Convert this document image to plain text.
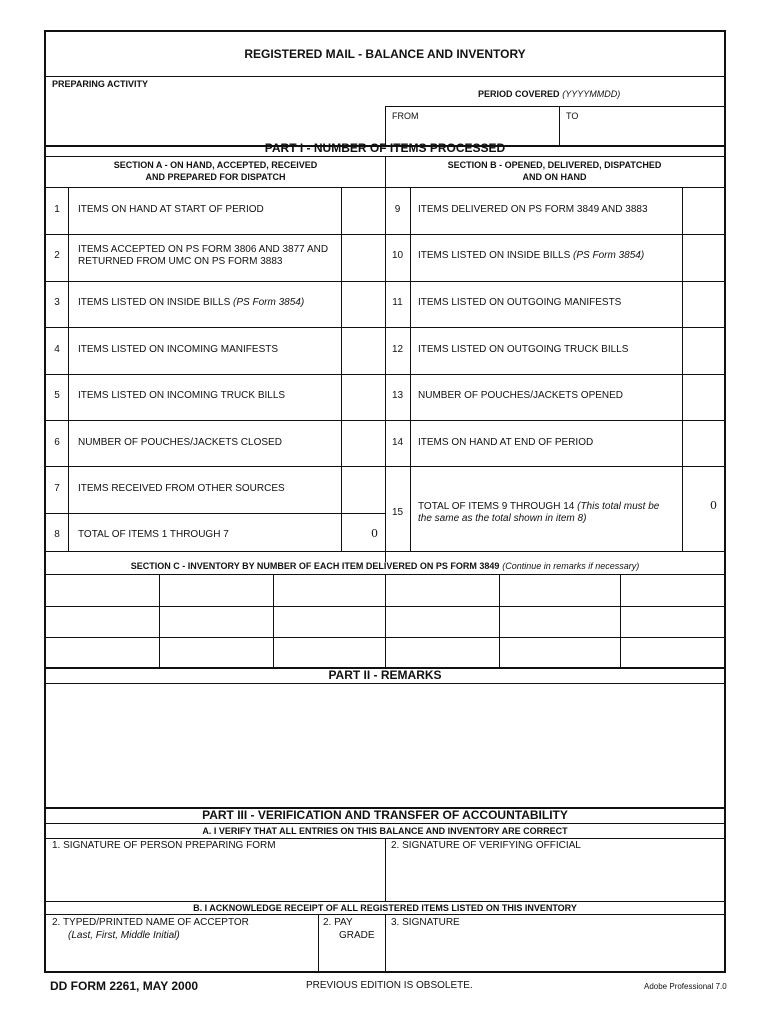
REGISTERED MAIL - BALANCE AND INVENTORY
PREPARING ACTIVITY
PERIOD COVERED (YYYYMMDD)
FROM	TO
PART I - NUMBER OF ITEMS PROCESSED
SECTION A - ON HAND, ACCEPTED, RECEIVED
AND PREPARED FOR DISPATCH
SECTION B - OPENED, DELIVERED, DISPATCHED
AND ON HAND
1	ITEMS ON HAND AT START OF PERIOD
2
ITEMS ACCEPTED ON PS FORM 3806 AND 3877 AND
RETURNED FROM UMC ON PS FORM 3883
3	ITEMS LISTED ON INSIDE BILLS (PS Form 3854)
4	ITEMS LISTED ON INCOMING MANIFESTS
5	ITEMS LISTED ON INCOMING TRUCK BILLS
6	NUMBER OF POUCHES/JACKETS CLOSED
7	ITEMS RECEIVED FROM OTHER SOURCES
8	TOTAL OF ITEMS 1 THROUGH 7	0
9	ITEMS DELIVERED ON PS FORM 3849 AND 3883
10	ITEMS LISTED ON INSIDE BILLS (PS Form 3854)
11	ITEMS LISTED ON OUTGOING MANIFESTS
12	ITEMS LISTED ON OUTGOING TRUCK BILLS
13	NUMBER OF POUCHES/JACKETS OPENED
14	ITEMS ON HAND AT END OF PERIOD
15
TOTAL OF ITEMS 9 THROUGH 14 (This total must be
the same as the total shown in item 8)
0
SECTION C - INVENTORY BY NUMBER OF EACH ITEM DELIVERED ON PS FORM 3849 (Continue in remarks if necessary)
PART II - REMARKS
PART III - VERIFICATION AND TRANSFER OF ACCOUNTABILITY
A. I VERIFY THAT ALL ENTRIES ON THIS BALANCE AND INVENTORY ARE CORRECT
1. SIGNATURE OF PERSON PREPARING FORM	2. SIGNATURE OF VERIFYING OFFICIAL
B. I ACKNOWLEDGE RECEIPT OF ALL REGISTERED ITEMS LISTED ON THIS INVENTORY
2. TYPED/PRINTED NAME OF ACCEPTOR
(Last, First, Middle Initial)
2. PAY
GRADE
3. SIGNATURE
DD FORM 2261, MAY 2000	PREVIOUS EDITION IS OBSOLETE.	Adobe Professional 7.0
